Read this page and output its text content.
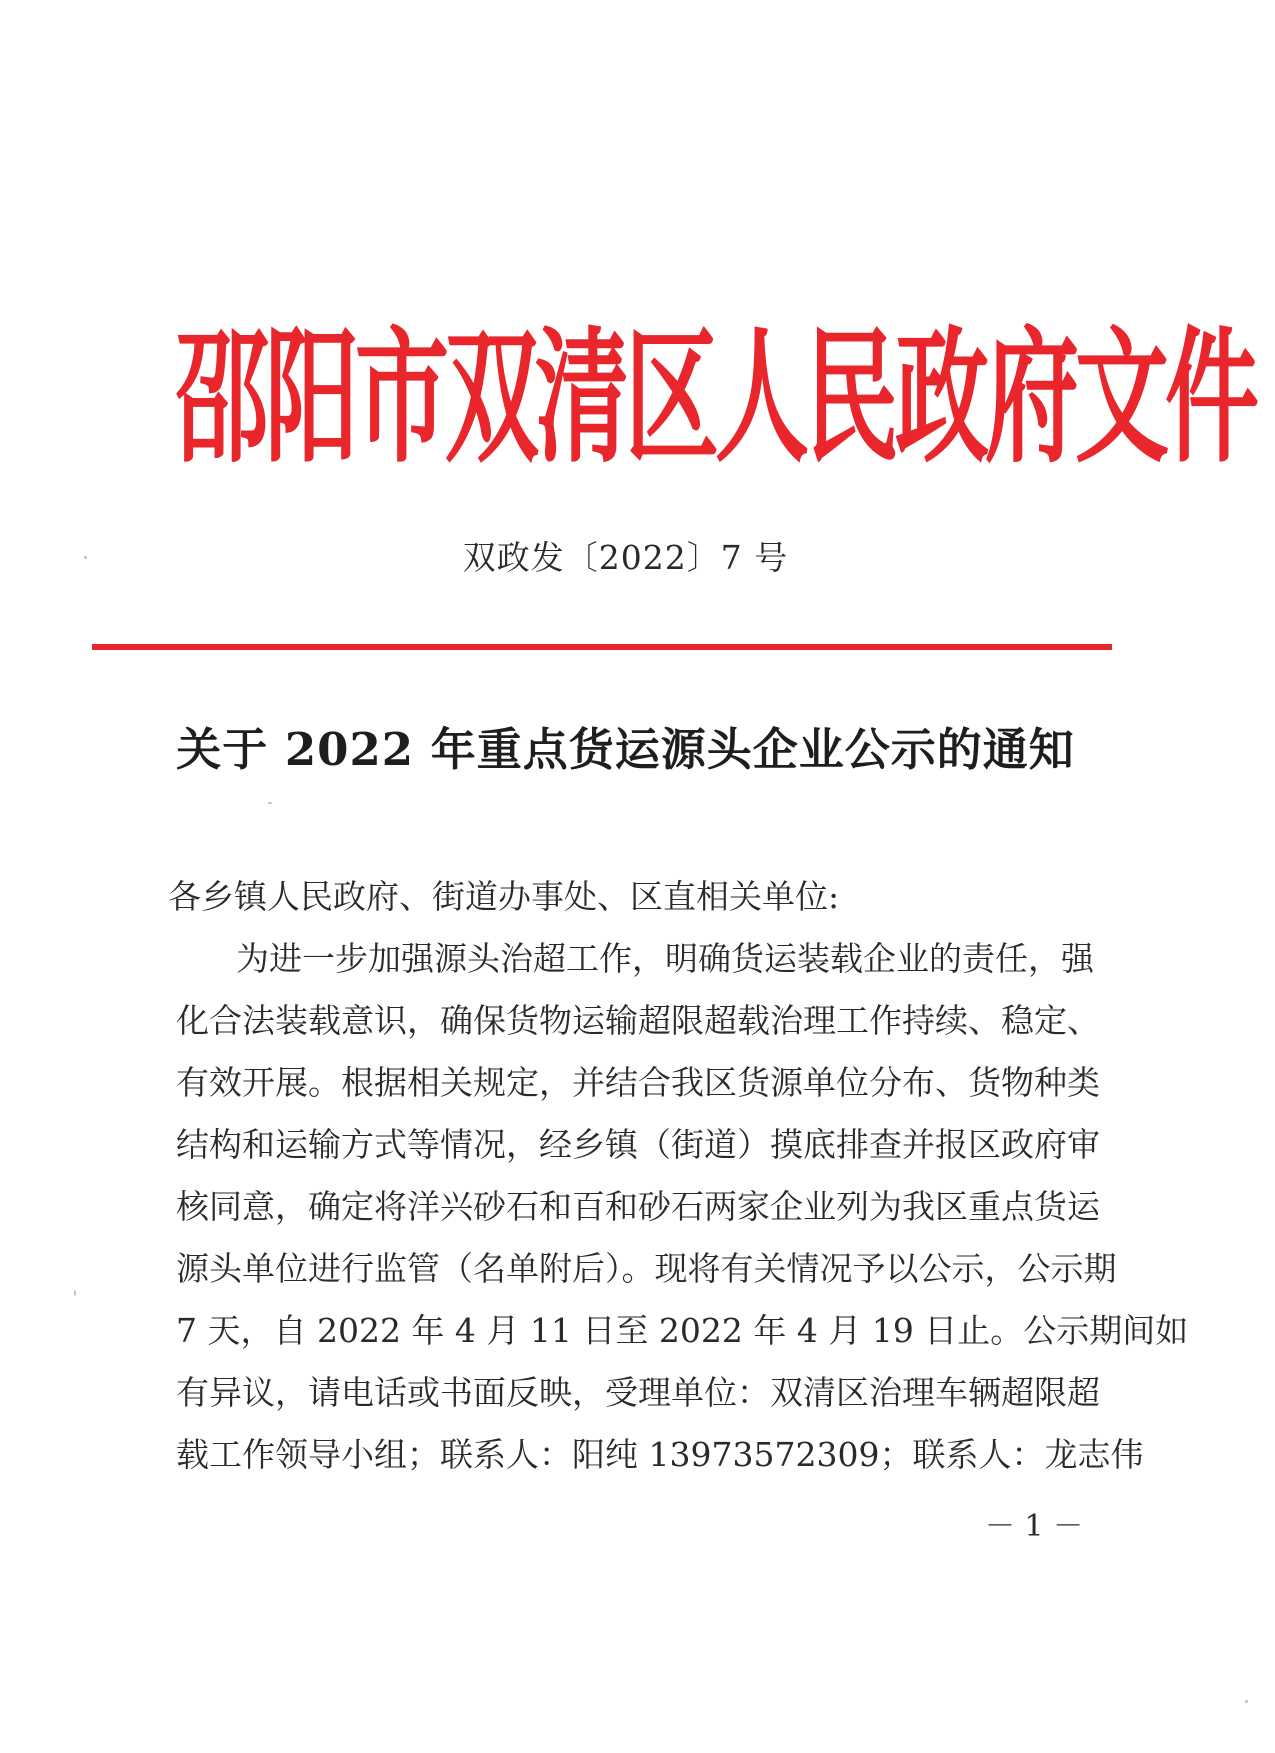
邵阳市双清区人民政府文件
双政发〔2022〕7 号
关于 2022 年重点货运源头企业公示的通知
各乡镇人民政府、街道办事处、区直相关单位:
为进一步加强源头治超工作，明确货运装载企业的责任，强
化合法装载意识，确保货物运输超限超载治理工作持续、稳定、
有效开展。根据相关规定，并结合我区货源单位分布、货物种类
结构和运输方式等情况，经乡镇（街道）摸底排查并报区政府审
核同意，确定将洋兴砂石和百和砂石两家企业列为我区重点货运
源头单位进行监管（名单附后）。现将有关情况予以公示，公示期
7 天，自 2022 年 4 月 11 日至 2022 年 4 月 19 日止。公示期间如
有异议，请电话或书面反映，受理单位：双清区治理车辆超限超
载工作领导小组；联系人：阳纯 13973572309；联系人：龙志伟
－ 1 －
